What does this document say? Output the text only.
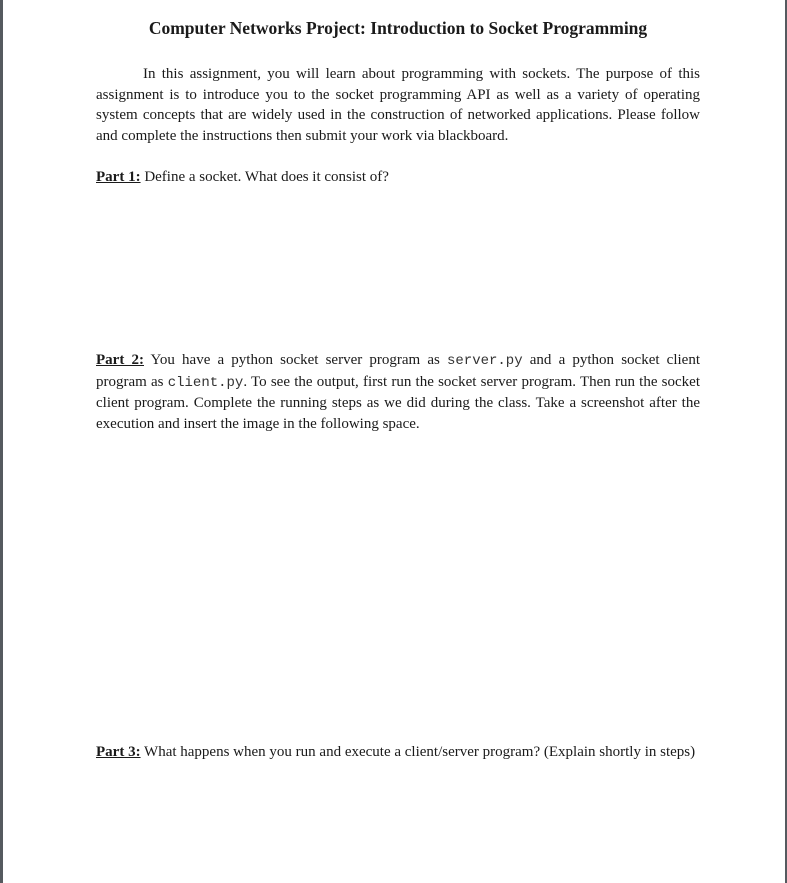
Computer Networks Project: Introduction to Socket Programming

In this assignment, you will learn about programming with sockets. The purpose of this assignment is to introduce you to the socket programming API as well as a variety of operating system concepts that are widely used in the construction of networked applications. Please follow and complete the instructions then submit your work via blackboard.

Part 1: Define a socket. What does it consist of?

Part 2: You have a python socket server program as server.py and a python socket client program as client.py. To see the output, first run the socket server program. Then run the socket client program. Complete the running steps as we did during the class. Take a screenshot after the execution and insert the image in the following space.

Part 3: What happens when you run and execute a client/server program? (Explain shortly in steps)
